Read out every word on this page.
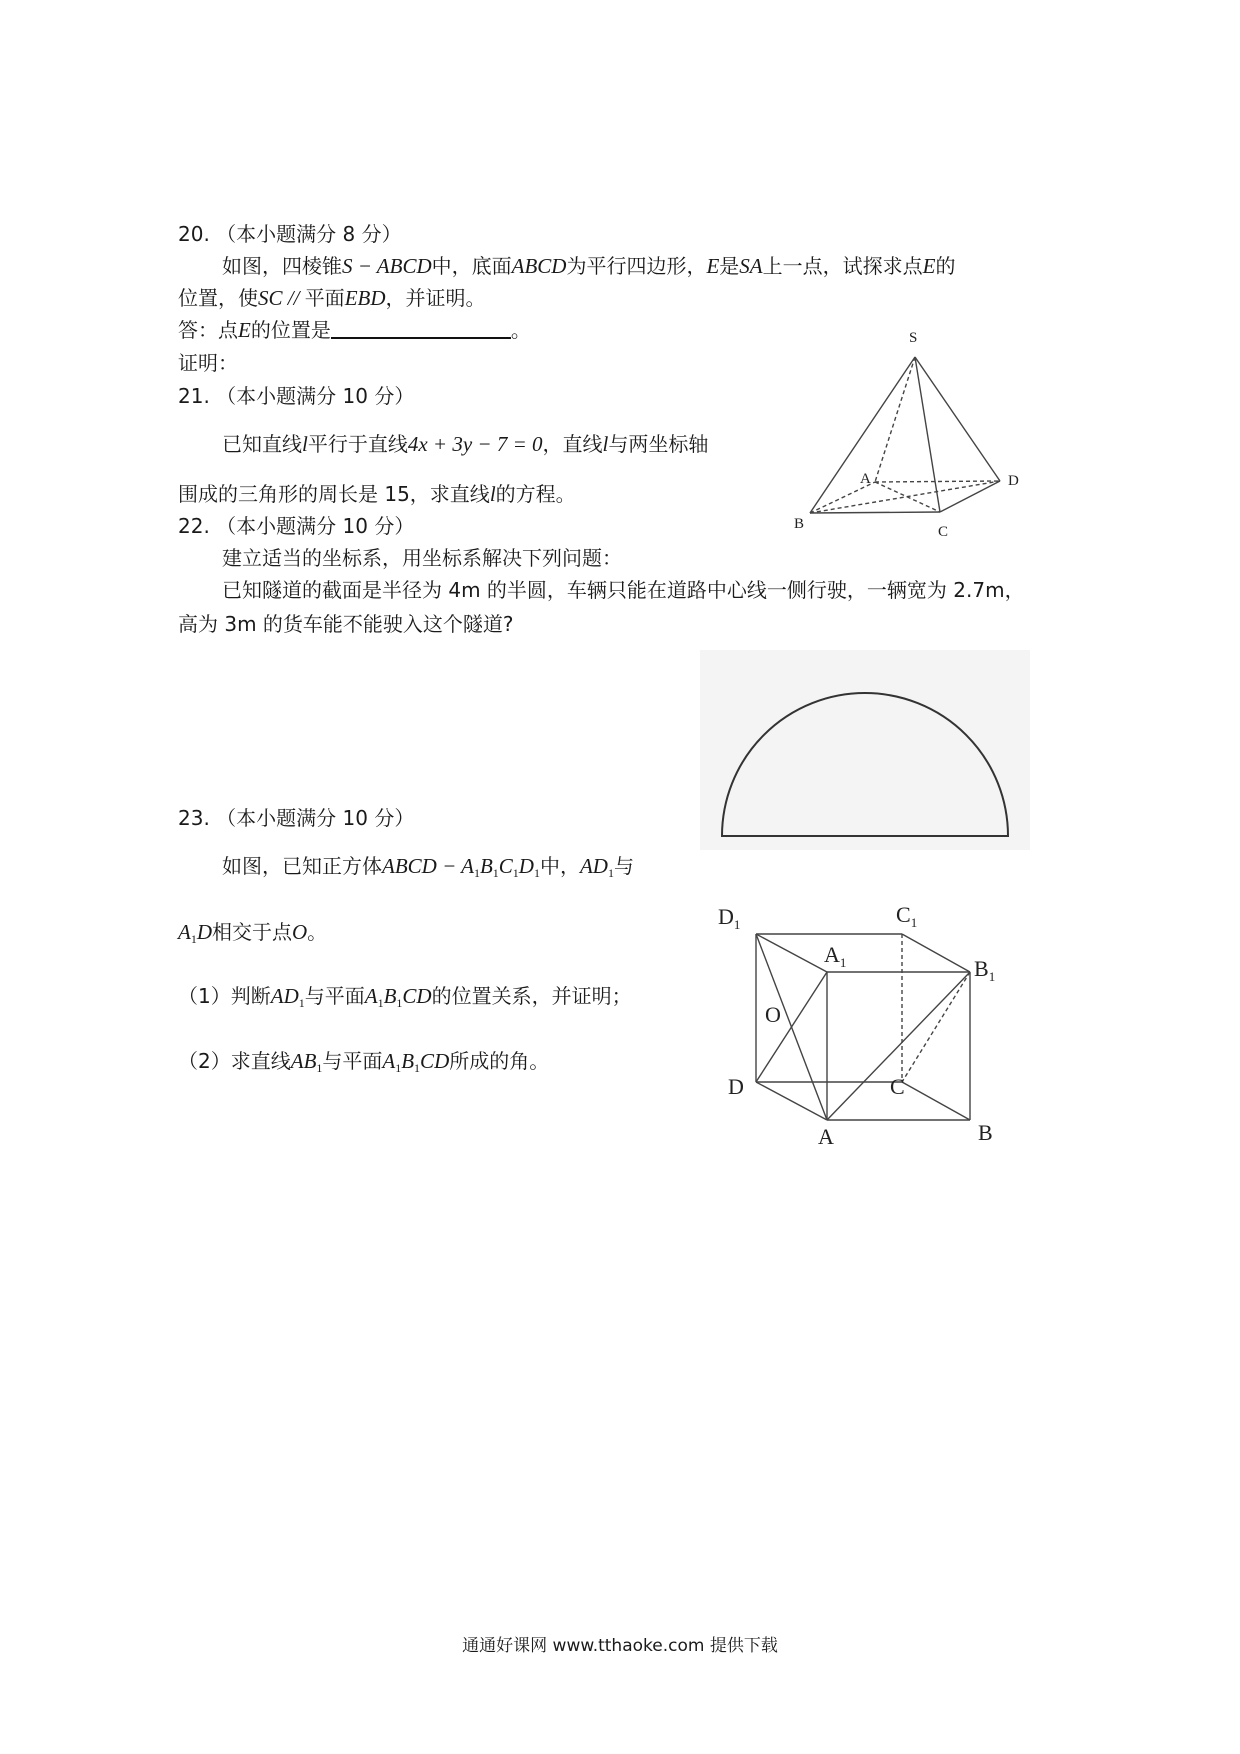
20. （本小题满分 8 分）
如图，四棱锥S − ABCD中，底面ABCD为平行四边形，E是SA上一点，试探求点E的
位置，使SC // 平面EBD，并证明。
答：点E的位置是	。
证明：
S
A
B	C
D
21. （本小题满分 10 分）
已知直线l平行于直线4x + 3y − 7 = 0，直线l与两坐标轴
围成的三角形的周长是 15，求直线l的方程。
22. （本小题满分 10 分）
建立适当的坐标系，用坐标系解决下列问题：
已知隧道的截面是半径为 4m 的半圆，车辆只能在道路中心线一侧行驶，一辆宽为 2.7m，
高为 3m 的货车能不能驶入这个隧道?
23. （本小题满分 10 分）
如图，已知正方体ABCD − $A_1B_1C_1D_1$中，$AD_1$与
$A_1D$相交于点O。
（1）判断$AD_1$与平面$A_1B_1CD$的位置关系，并证明；
（2）求直线$AB_1$与平面$A_1B_1CD$所成的角。
$D_1$	$C_1$
$A_1$	$B_1$
O
D	C
A	B
通通好课网 www.tthaoke.com 提供下载
